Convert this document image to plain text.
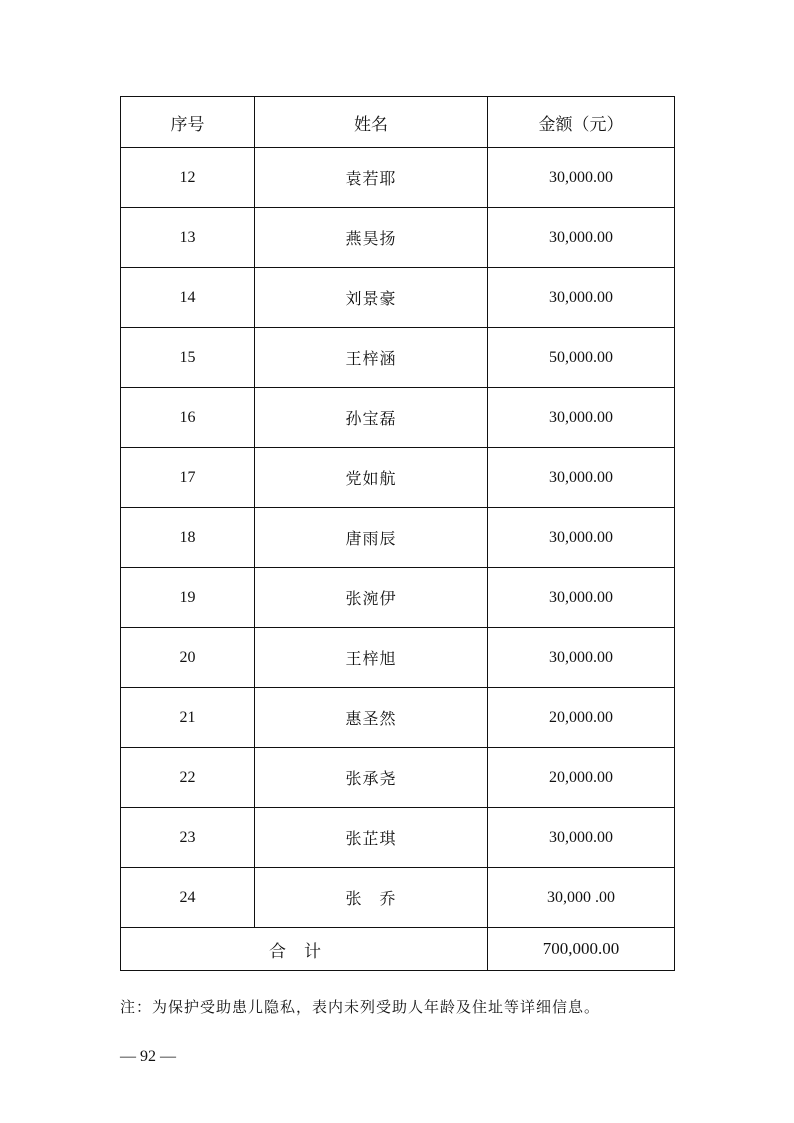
序号	姓名	金额（元）
12	袁若耶	30,000.00
13	燕昊扬	30,000.00
14	刘景豪	30,000.00
15	王梓涵	50,000.00
16	孙宝磊	30,000.00
17	党如航	30,000.00
18	唐雨辰	30,000.00
19	张涴伊	30,000.00
20	王梓旭	30,000.00
21	惠圣然	20,000.00
22	张承尧	20,000.00
23	张芷琪	30,000.00
24	张　乔	30,000 .00
合计		700,000.00
注：为保护受助患儿隐私，表内未列受助人年龄及住址等详细信息。
— 92 —
